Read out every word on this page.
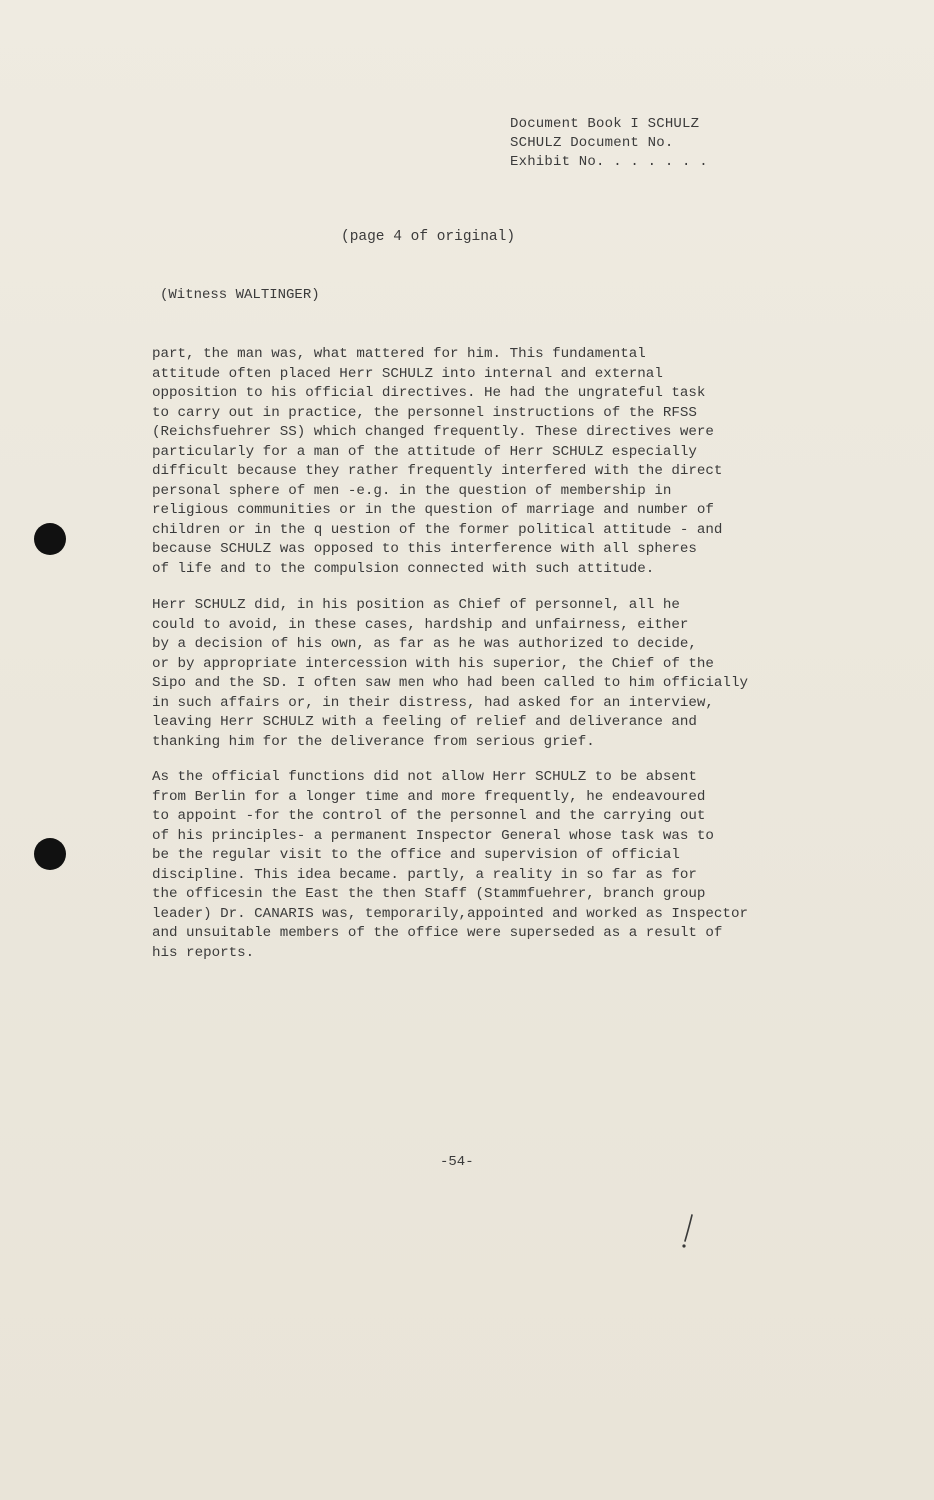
Document Book I SCHULZ
SCHULZ Document No.
Exhibit No. . . . . . .
(page 4 of original)
(Witness WALTINGER)
part, the man was, what mattered for him. This fundamental
attitude often placed Herr SCHULZ into internal and external
opposition to his official directives. He had the ungrateful task
to carry out in practice, the personnel instructions of the RFSS
(Reichsfuehrer SS) which changed frequently. These directives were
particularly for a man of the attitude of Herr SCHULZ especially
difficult because they rather frequently interfered with the direct
personal sphere of men -e.g. in the question of membership in
religious communities or in the question of marriage and number of
children or in the q uestion of the former political attitude - and
because SCHULZ was opposed to this interference with all spheres
of life and to the compulsion connected with such attitude.
Herr SCHULZ did, in his position as Chief of personnel, all he
could to avoid, in these cases, hardship and unfairness, either
by a decision of his own, as far as he was authorized to decide,
or by appropriate intercession with his superior, the Chief of the
Sipo and the SD. I often saw men who had been called to him officially
in such affairs or, in their distress, had asked for an interview,
leaving Herr SCHULZ with a feeling of relief and deliverance and
thanking him for the deliverance from serious grief.
As the official functions did not allow Herr SCHULZ to be absent
from Berlin for a longer time and more frequently, he endeavoured
to appoint -for the control of the personnel and the carrying out
of his principles- a permanent Inspector General whose task was to
be the regular visit to the office and supervision of official
discipline. This idea became. partly, a reality in so far as for
the officesin the East the then Staff (Stammfuehrer, branch group
leader) Dr. CANARIS was, temporarily,appointed and worked as Inspector
and unsuitable members of the office were superseded as a result of
his reports.
-54-
